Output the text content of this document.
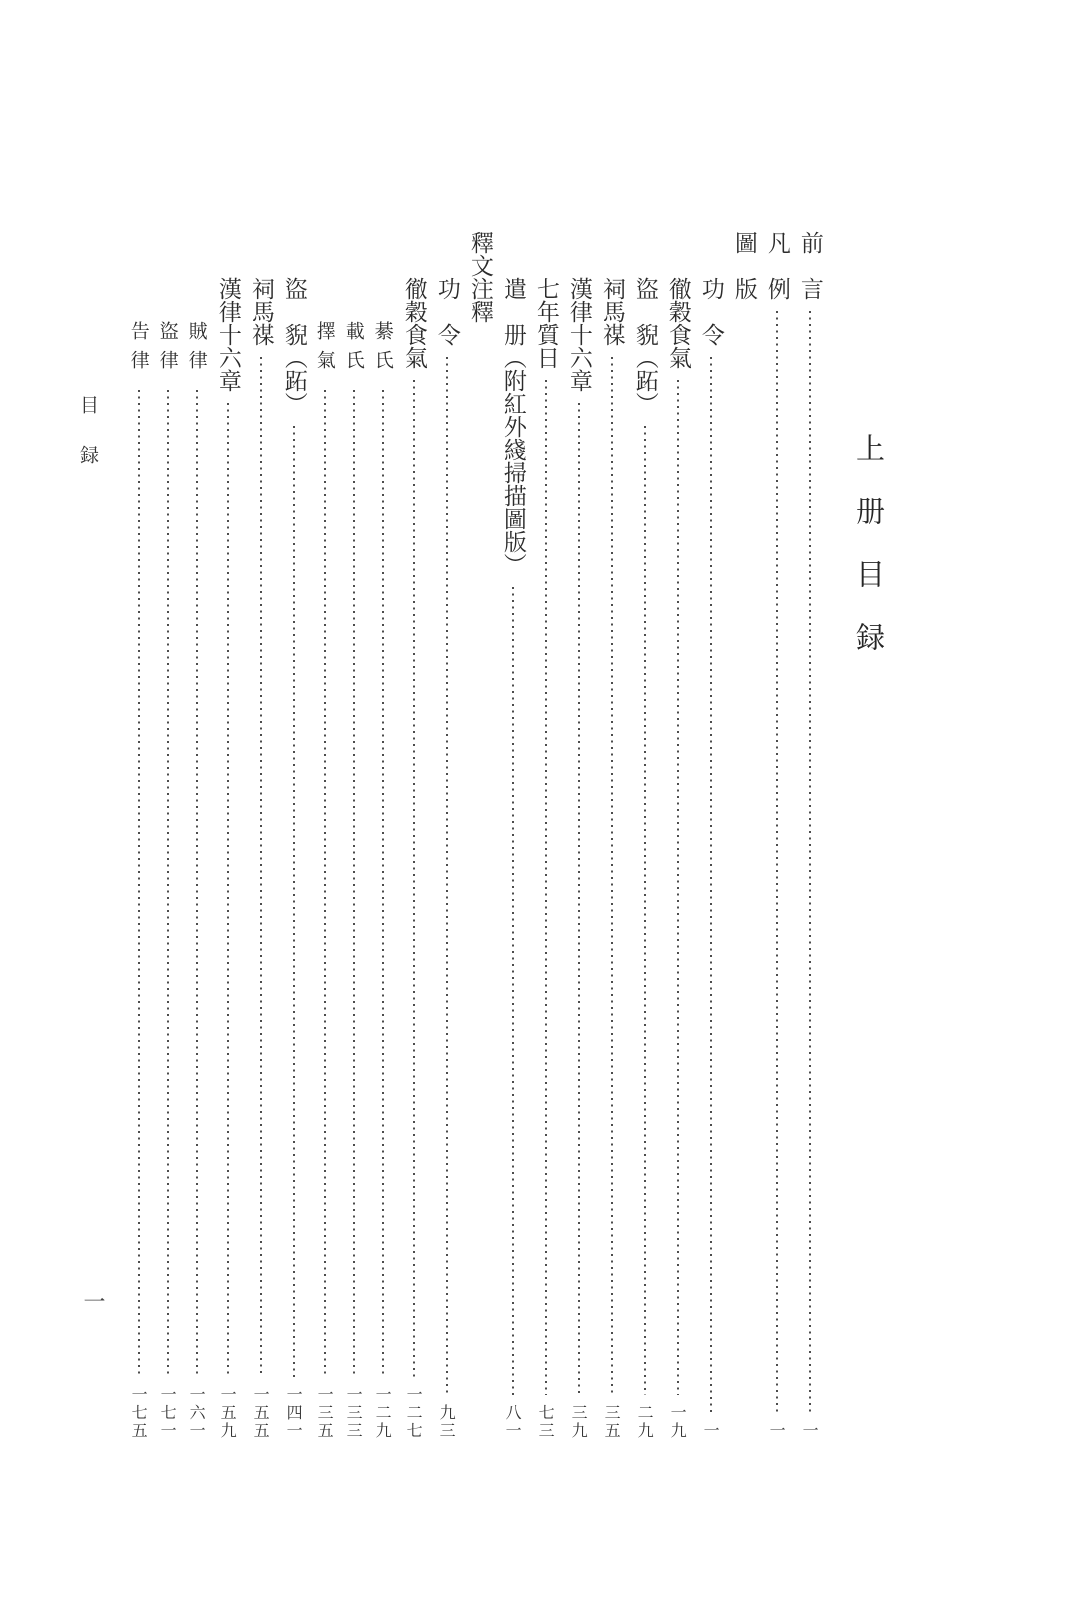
上册目録
目録
一
前　言
一
凡　例
一
圖　版
功　令
一
徹穀食氣
一九
盜　貎（跖）
二九
祠馬禖
三五
漢律十六章
三九
七年質日
七三
遣　册（附紅外綫掃描圖版）
八一
釋文注釋
功　令
九三
徹穀食氣
一二七
綦氏
一二九
載氏
一三三
擇氣
一三五
盜　貎（跖）
一四一
祠馬禖
一五五
漢律十六章
一五九
賊律
一六一
盜律
一七一
告律
一七五
